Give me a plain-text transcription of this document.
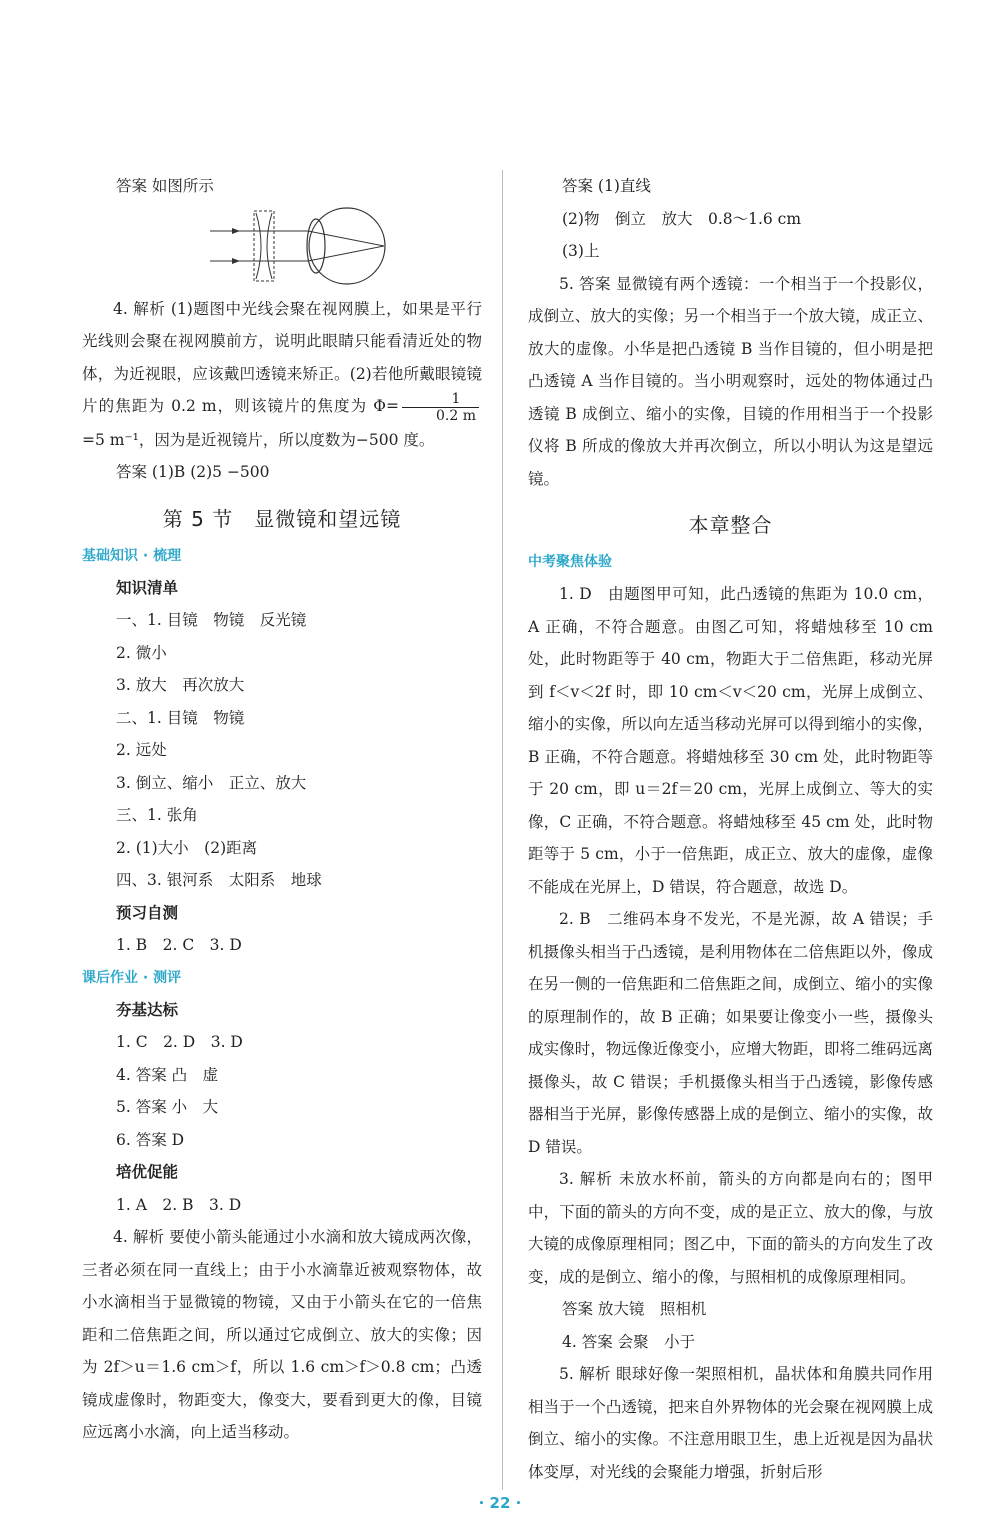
答案 如图所示

4. 解析 (1)题图中光线会聚在视网膜上，如果是平行光线则会聚在视网膜前方，说明此眼睛只能看清近处的物体，为近视眼，应该戴凹透镜来矫正。(2)若他所戴眼镜镜片的焦距为 0.2 m，则该镜片的焦度为 $\Phi= \frac{1}{0.2 m}$
=5 m⁻¹，因为是近视镜片，所以度数为−500 度。

答案 (1)B (2)5 −500

第 5 节　显微镜和望远镜
基础知识 · 梳理

知识清单

一、1. 目镜　物镜　反光镜

2. 微小

3. 放大　再次放大

二、1. 目镜　物镜

2. 远处

3. 倒立、缩小　正立、放大

三、1. 张角

2. (1)大小　(2)距离

四、3. 银河系　太阳系　地球

预习自测

1. B　2. C　3. D

课后作业 · 测评

夯基达标

1. C　2. D　3. D

4. 答案 凸　虚

5. 答案 小　大

6. 答案 D

培优促能

1. A　2. B　3. D

4. 解析 要使小箭头能通过小水滴和放大镜成两次像，三者必须在同一直线上；由于小水滴靠近被观察物体，故小水滴相当于显微镜的物镜，又由于小箭头在它的一倍焦距和二倍焦距之间，所以通过它成倒立、放大的实像；因为 2f＞u＝1.6 cm＞f，所以 1.6 cm＞f＞0.8 cm；凸透镜成虚像时，物距变大，像变大，要看到更大的像，目镜应远离小水滴，向上适当移动。

答案 (1)直线

(2)物　倒立　放大　0.8～1.6 cm

(3)上

5. 答案 显微镜有两个透镜：一个相当于一个投影仪，成倒立、放大的实像；另一个相当于一个放大镜，成正立、放大的虚像。小华是把凸透镜 B 当作目镜的，但小明是把凸透镜 A 当作目镜的。当小明观察时，远处的物体通过凸透镜 B 成倒立、缩小的实像，目镜的作用相当于一个投影仪将 B 所成的像放大并再次倒立，所以小明认为这是望远镜。

本章整合
中考聚焦体验

1. D　由题图甲可知，此凸透镜的焦距为 10.0 cm，A 正确，不符合题意。由图乙可知，将蜡烛移至 10 cm 处，此时物距等于 40 cm，物距大于二倍焦距，移动光屏到 f＜v＜2f 时，即 10 cm＜v＜20 cm，光屏上成倒立、缩小的实像，所以向左适当移动光屏可以得到缩小的实像，B 正确，不符合题意。将蜡烛移至 30 cm 处，此时物距等于 20 cm，即 u＝2f＝20 cm，光屏上成倒立、等大的实像，C 正确，不符合题意。将蜡烛移至 45 cm 处，此时物距等于 5 cm，小于一倍焦距，成正立、放大的虚像，虚像不能成在光屏上，D 错误，符合题意，故选 D。

2. B　二维码本身不发光，不是光源，故 A 错误；手机摄像头相当于凸透镜，是利用物体在二倍焦距以外，像成在另一侧的一倍焦距和二倍焦距之间，成倒立、缩小的实像的原理制作的，故 B 正确；如果要让像变小一些，摄像头成实像时，物远像近像变小，应增大物距，即将二维码远离摄像头，故 C 错误；手机摄像头相当于凸透镜，影像传感器相当于光屏，影像传感器上成的是倒立、缩小的实像，故 D 错误。

3. 解析 未放水杯前，箭头的方向都是向右的；图甲中，下面的箭头的方向不变，成的是正立、放大的像，与放大镜的成像原理相同；图乙中，下面的箭头的方向发生了改变，成的是倒立、缩小的像，与照相机的成像原理相同。

答案 放大镜　照相机

4. 答案 会聚　小于

5. 解析 眼球好像一架照相机，晶状体和角膜共同作用相当于一个凸透镜，把来自外界物体的光会聚在视网膜上成倒立、缩小的实像。不注意用眼卫生，患上近视是因为晶状体变厚，对光线的会聚能力增强，折射后形

· 22 ·
